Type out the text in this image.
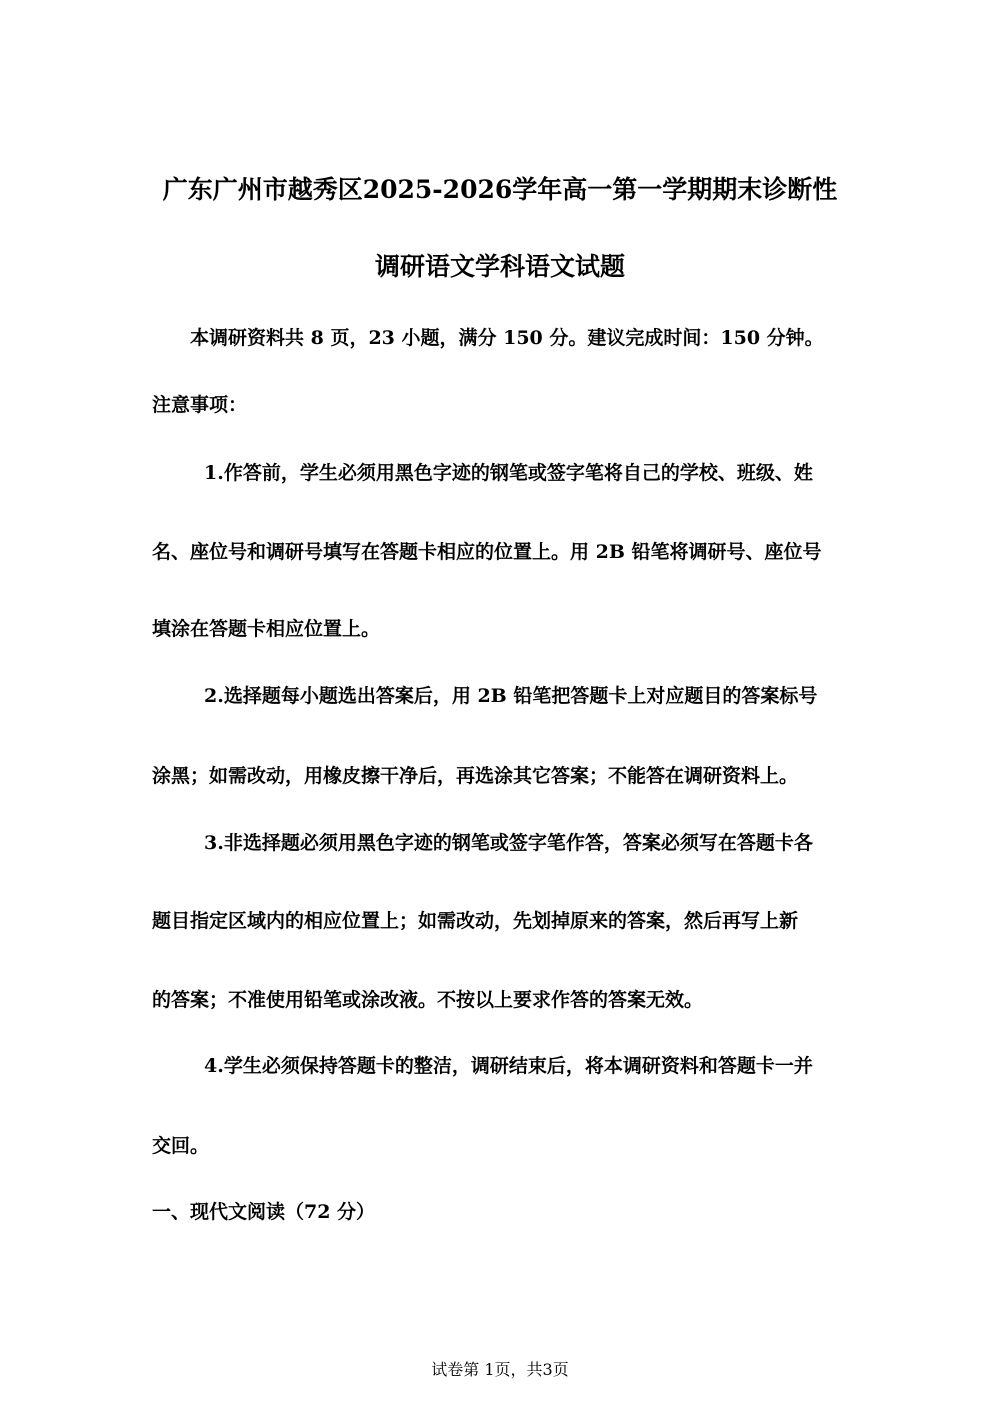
广东广州市越秀区2025-2026学年高一第一学期期末诊断性
调研语文学科语文试题
本调研资料共 8 页，23 小题，满分 150 分。建议完成时间：150 分钟。
注意事项：
1.作答前，学生必须用黑色字迹的钢笔或签字笔将自己的学校、班级、姓
名、座位号和调研号填写在答题卡相应的位置上。用 2B 铅笔将调研号、座位号
填涂在答题卡相应位置上。
2.选择题每小题选出答案后，用 2B 铅笔把答题卡上对应题目的答案标号
涂黑；如需改动，用橡皮擦干净后，再选涂其它答案；不能答在调研资料上。
3.非选择题必须用黑色字迹的钢笔或签字笔作答，答案必须写在答题卡各
题目指定区域内的相应位置上；如需改动，先划掉原来的答案，然后再写上新
的答案；不准使用铅笔或涂改液。不按以上要求作答的答案无效。
4.学生必须保持答题卡的整洁，调研结束后，将本调研资料和答题卡一并
交回。
一、现代文阅读（72 分）
试卷第 1页，共3页
